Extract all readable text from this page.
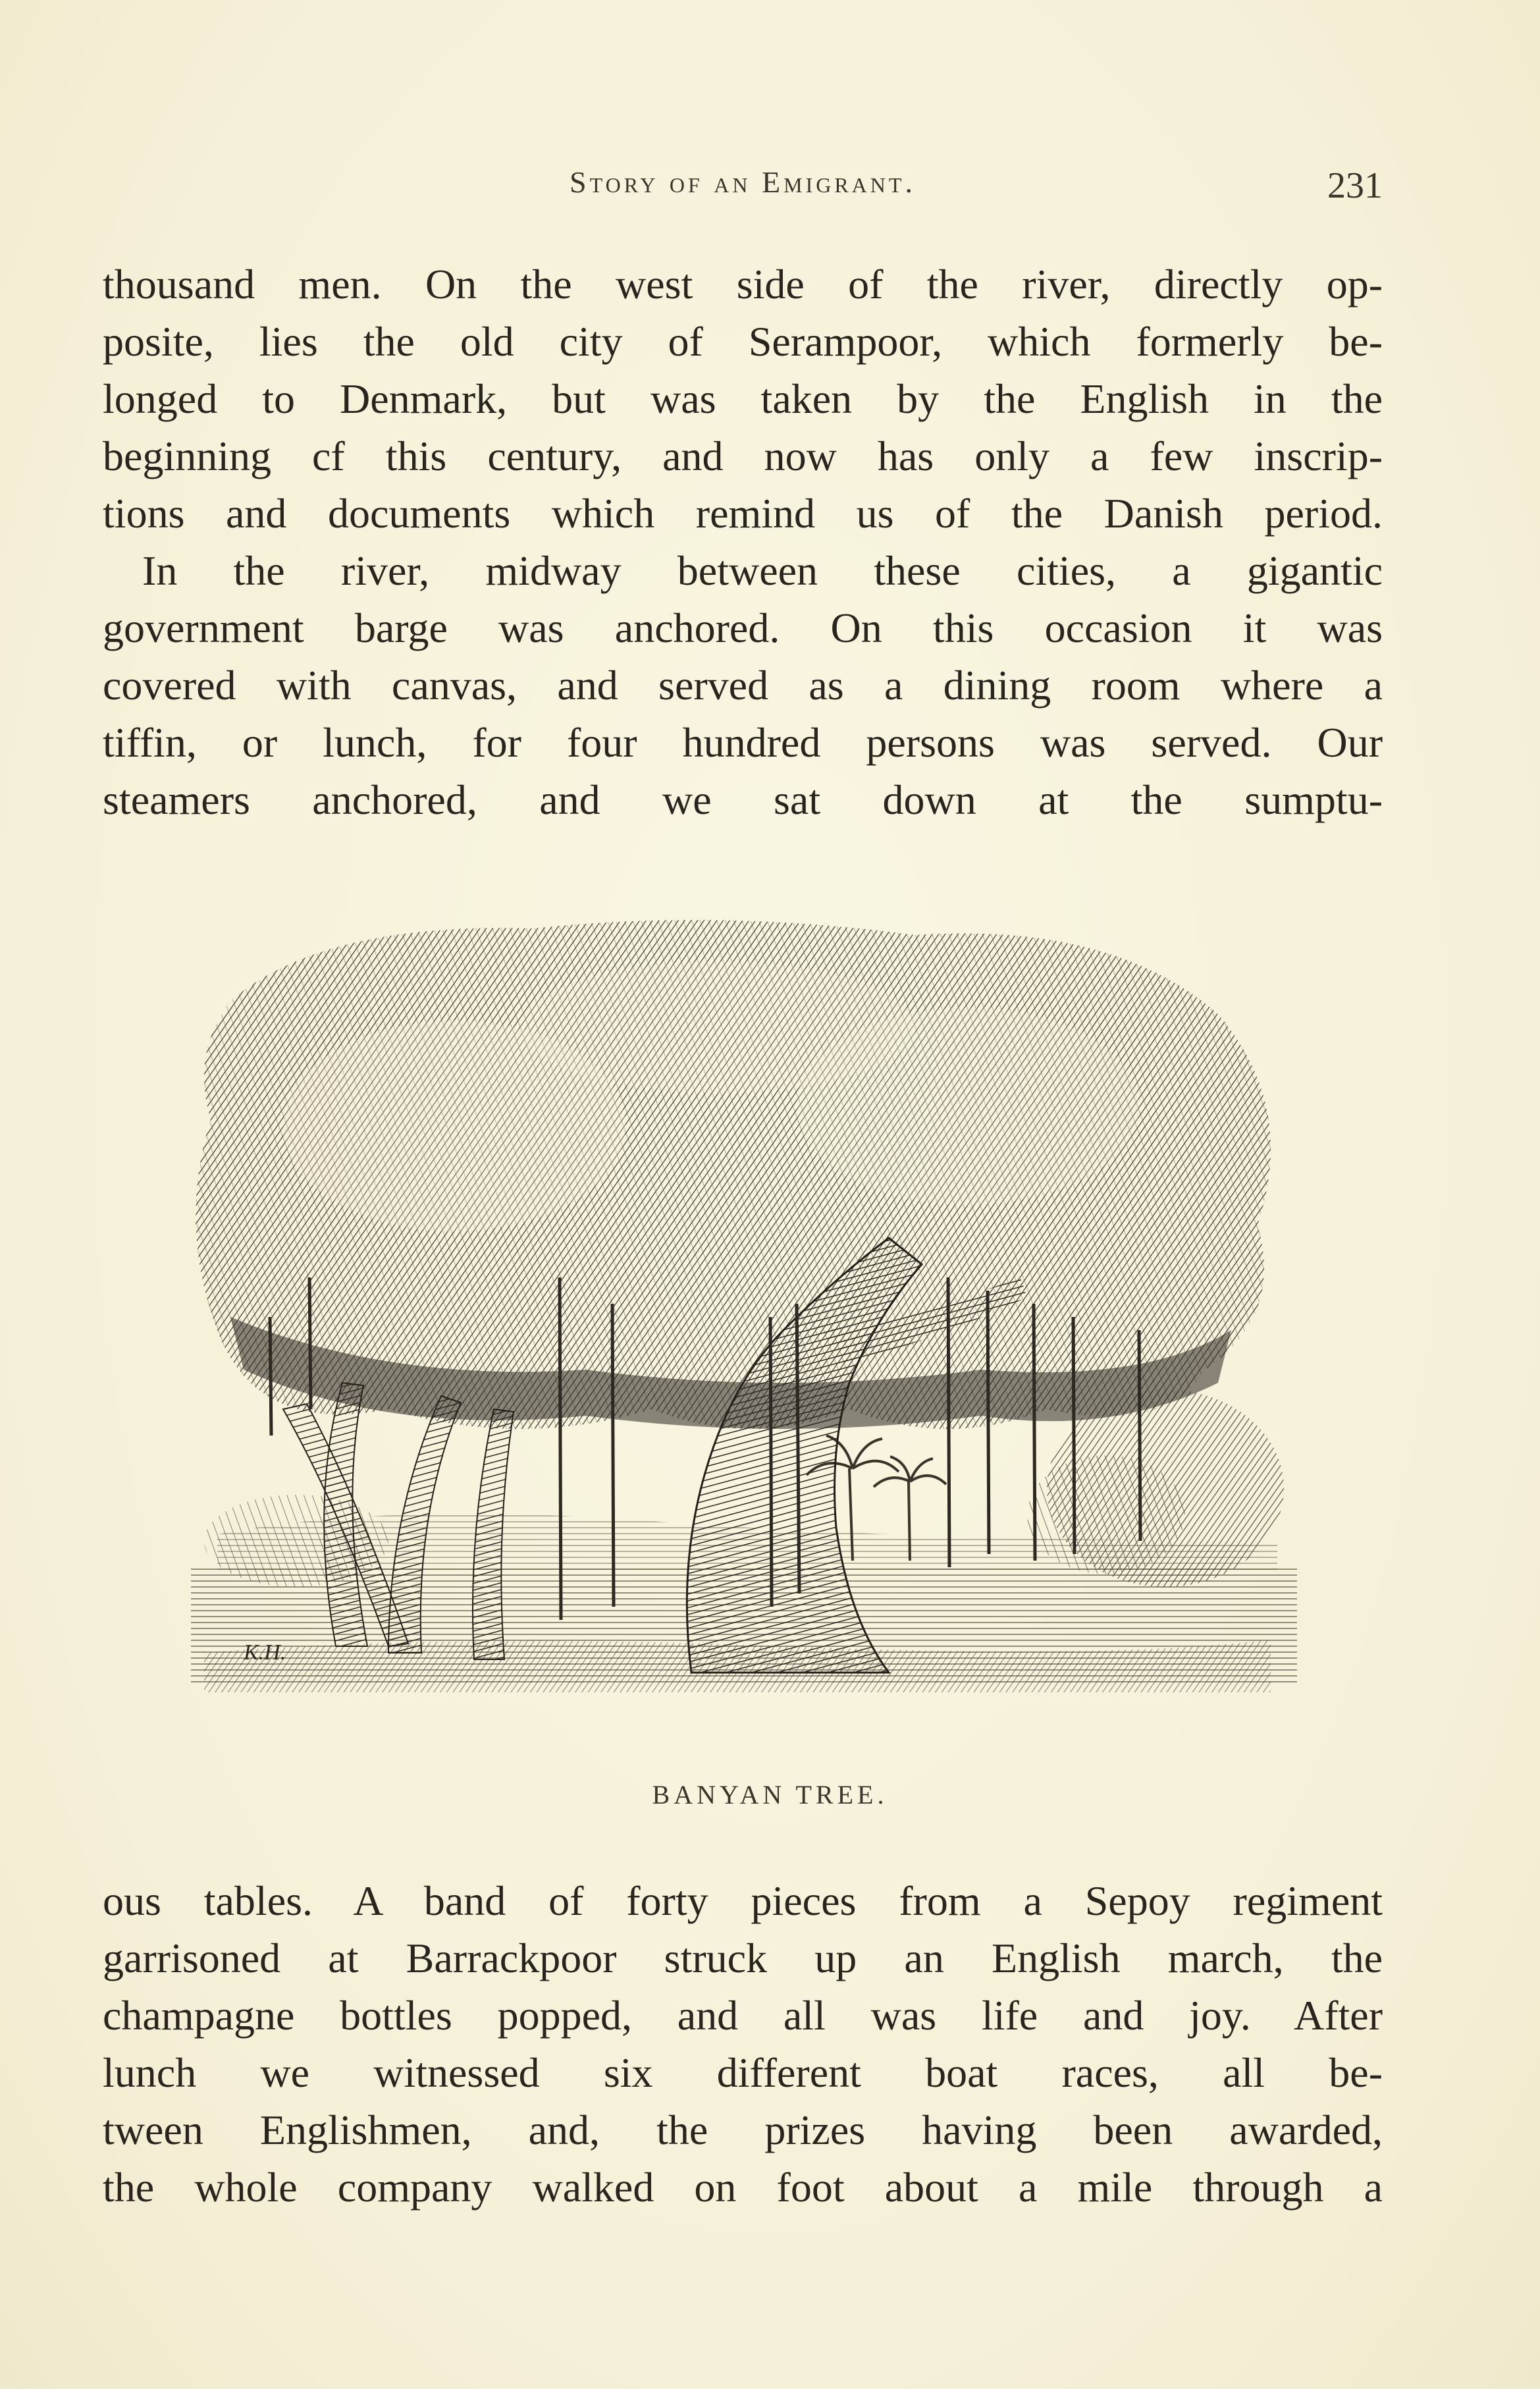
Story of an Emigrant.	231
thousand men. On the west side of the river, directly op-
posite, lies the old city of Serampoor, which formerly be-
longed to Denmark, but was taken by the English in the
beginning cf this century, and now has only a few inscrip-
tions and documents which remind us of the Danish period.
In the river, midway between these cities, a gigantic
government barge was anchored. On this occasion it was
covered with canvas, and served as a dining room where a
tiffin, or lunch, for four hundred persons was served. Our
steamers anchored, and we sat down at the sumptu-
K.H.
BANYAN TREE.
ous tables. A band of forty pieces from a Sepoy regiment
garrisoned at Barrackpoor struck up an English march, the
champagne bottles popped, and all was life and joy. After
lunch we witnessed six different boat races, all be-
tween Englishmen, and, the prizes having been awarded,
the whole company walked on foot about a mile through a
